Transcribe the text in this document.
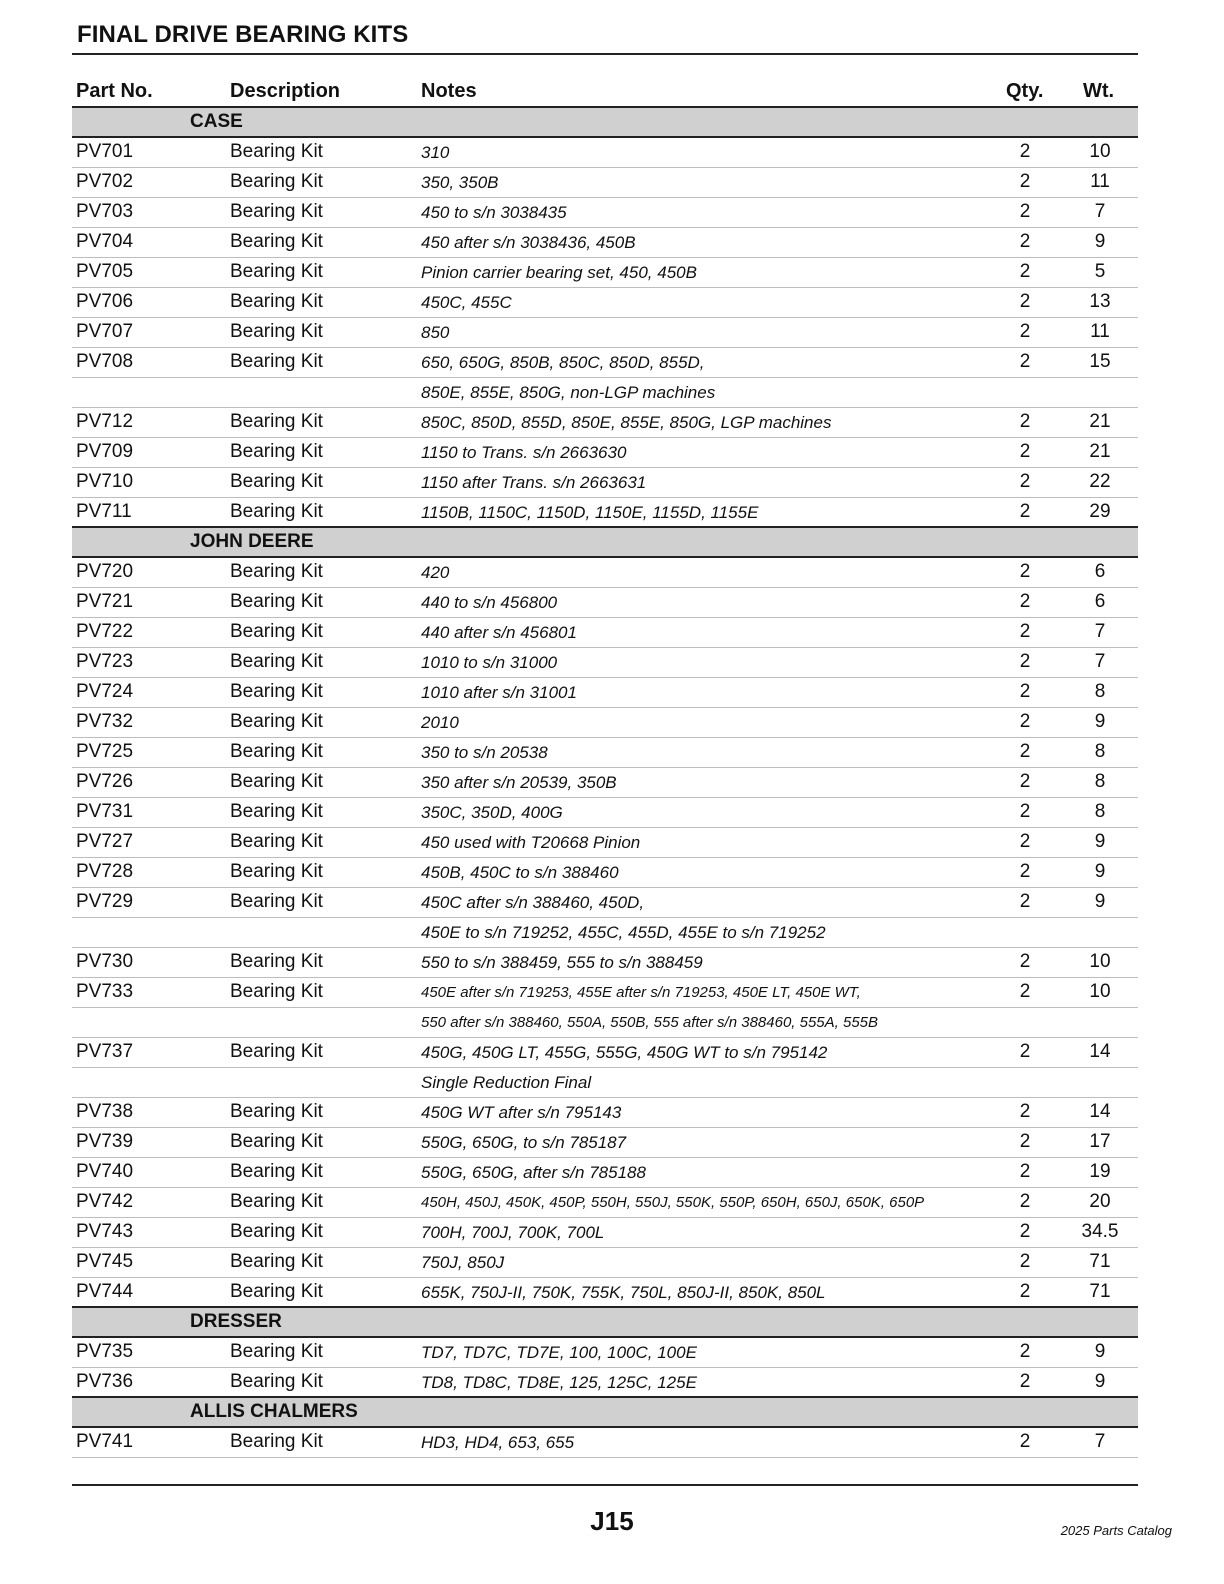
FINAL DRIVE BEARING KITS
Part No.	Description	Notes	Qty. Wt.
CASE
PV701	Bearing Kit	310	2	10
PV702	Bearing Kit	350, 350B	2	11
PV703	Bearing Kit	450 to s/n 3038435	2	7
PV704	Bearing Kit	450 after s/n 3038436, 450B	2	9
PV705	Bearing Kit	Pinion carrier bearing set, 450, 450B	2	5
PV706	Bearing Kit	450C, 455C	2	13
PV707	Bearing Kit	850	2	11
PV708	Bearing Kit	650, 650G, 850B, 850C, 850D, 855D,	2	15
850E, 855E, 850G, non-LGP machines
PV712	Bearing Kit	850C, 850D, 855D, 850E, 855E, 850G, LGP machines	2	21
PV709	Bearing Kit	1150 to Trans. s/n 2663630	2	21
PV710	Bearing Kit	1150 after Trans. s/n 2663631	2	22
PV711	Bearing Kit	1150B, 1150C, 1150D, 1150E, 1155D, 1155E	2	29
JOHN DEERE
PV720	Bearing Kit	420	2	6
PV721	Bearing Kit	440 to s/n 456800	2	6
PV722	Bearing Kit	440 after s/n 456801	2	7
PV723	Bearing Kit	1010 to s/n 31000	2	7
PV724	Bearing Kit	1010 after s/n 31001	2	8
PV732	Bearing Kit	2010	2	9
PV725	Bearing Kit	350 to s/n 20538	2	8
PV726	Bearing Kit	350 after s/n 20539, 350B	2	8
PV731	Bearing Kit	350C, 350D, 400G	2	8
PV727	Bearing Kit	450 used with T20668 Pinion	2	9
PV728	Bearing Kit	450B, 450C to s/n 388460	2	9
PV729	Bearing Kit	450C after s/n 388460, 450D,	2	9
450E to s/n 719252, 455C, 455D, 455E to s/n 719252
PV730	Bearing Kit	550 to s/n 388459, 555 to s/n 388459	2	10
PV733	Bearing Kit	450E after s/n 719253, 455E after s/n 719253, 450E LT, 450E WT,	2	10
550 after s/n 388460, 550A, 550B, 555 after s/n 388460, 555A, 555B
PV737	Bearing Kit	450G, 450G LT, 455G, 555G, 450G WT to s/n 795142	2	14
Single Reduction Final
PV738	Bearing Kit	450G WT after s/n 795143	2	14
PV739	Bearing Kit	550G, 650G, to s/n 785187	2	17
PV740	Bearing Kit	550G, 650G, after s/n 785188	2	19
PV742	Bearing Kit	450H, 450J, 450K, 450P, 550H, 550J, 550K, 550P, 650H, 650J, 650K, 650P	2	20
PV743	Bearing Kit	700H, 700J, 700K, 700L	2	34.5
PV745	Bearing Kit	750J, 850J	2	71
PV744	Bearing Kit	655K, 750J-II, 750K, 755K, 750L, 850J-II, 850K, 850L	2	71
DRESSER
PV735	Bearing Kit	TD7, TD7C, TD7E, 100, 100C, 100E	2	9
PV736	Bearing Kit	TD8, TD8C, TD8E, 125, 125C, 125E	2	9
ALLIS CHALMERS
PV741	Bearing Kit	HD3, HD4, 653, 655	2	7
J15	2025 Parts Catalog
